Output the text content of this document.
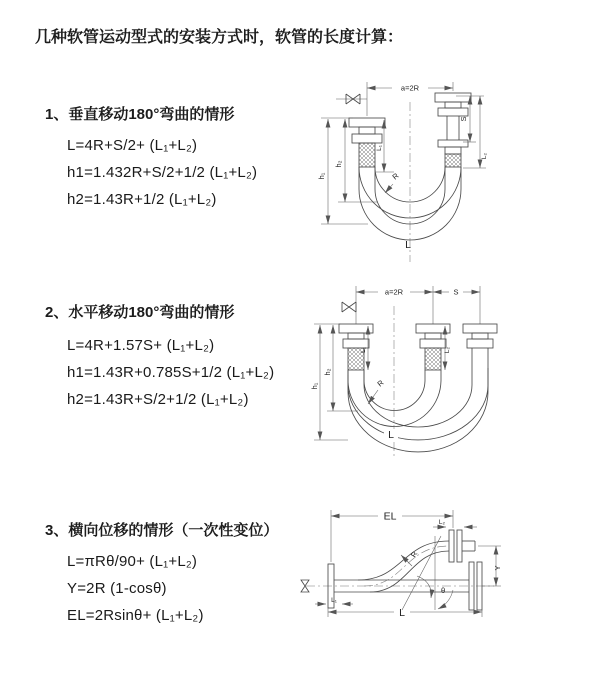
几种软管运动型式的安装方式时，软管的长度计算：
1、垂直移动180°弯曲的情形
L=4R+S/2+ (L₁+L₂)
h1=1.432R+S/2+1/2 (L₁+L₂)
h2=1.43R+1/2 (L₁+L₂)
2、水平移动180°弯曲的情形
L=4R+1.57S+ (L₁+L₂)
h1=1.43R+0.785S+1/2 (L₁+L₂)
h2=1.43R+S/2+1/2 (L₁+L₂)
3、横向位移的情形（一次性变位）
L=πRθ/90+ (L₁+L₂)
Y=2R (1-cosθ)
EL=2Rsinθ+ (L₁+L₂)
a=2R
h₁
h₂
L₁
S
L₂
R
L
a=2R	S
h₁
h₂
L₁	L₂
R
L
EL	L₂
L₁
θ
R
Y
L
